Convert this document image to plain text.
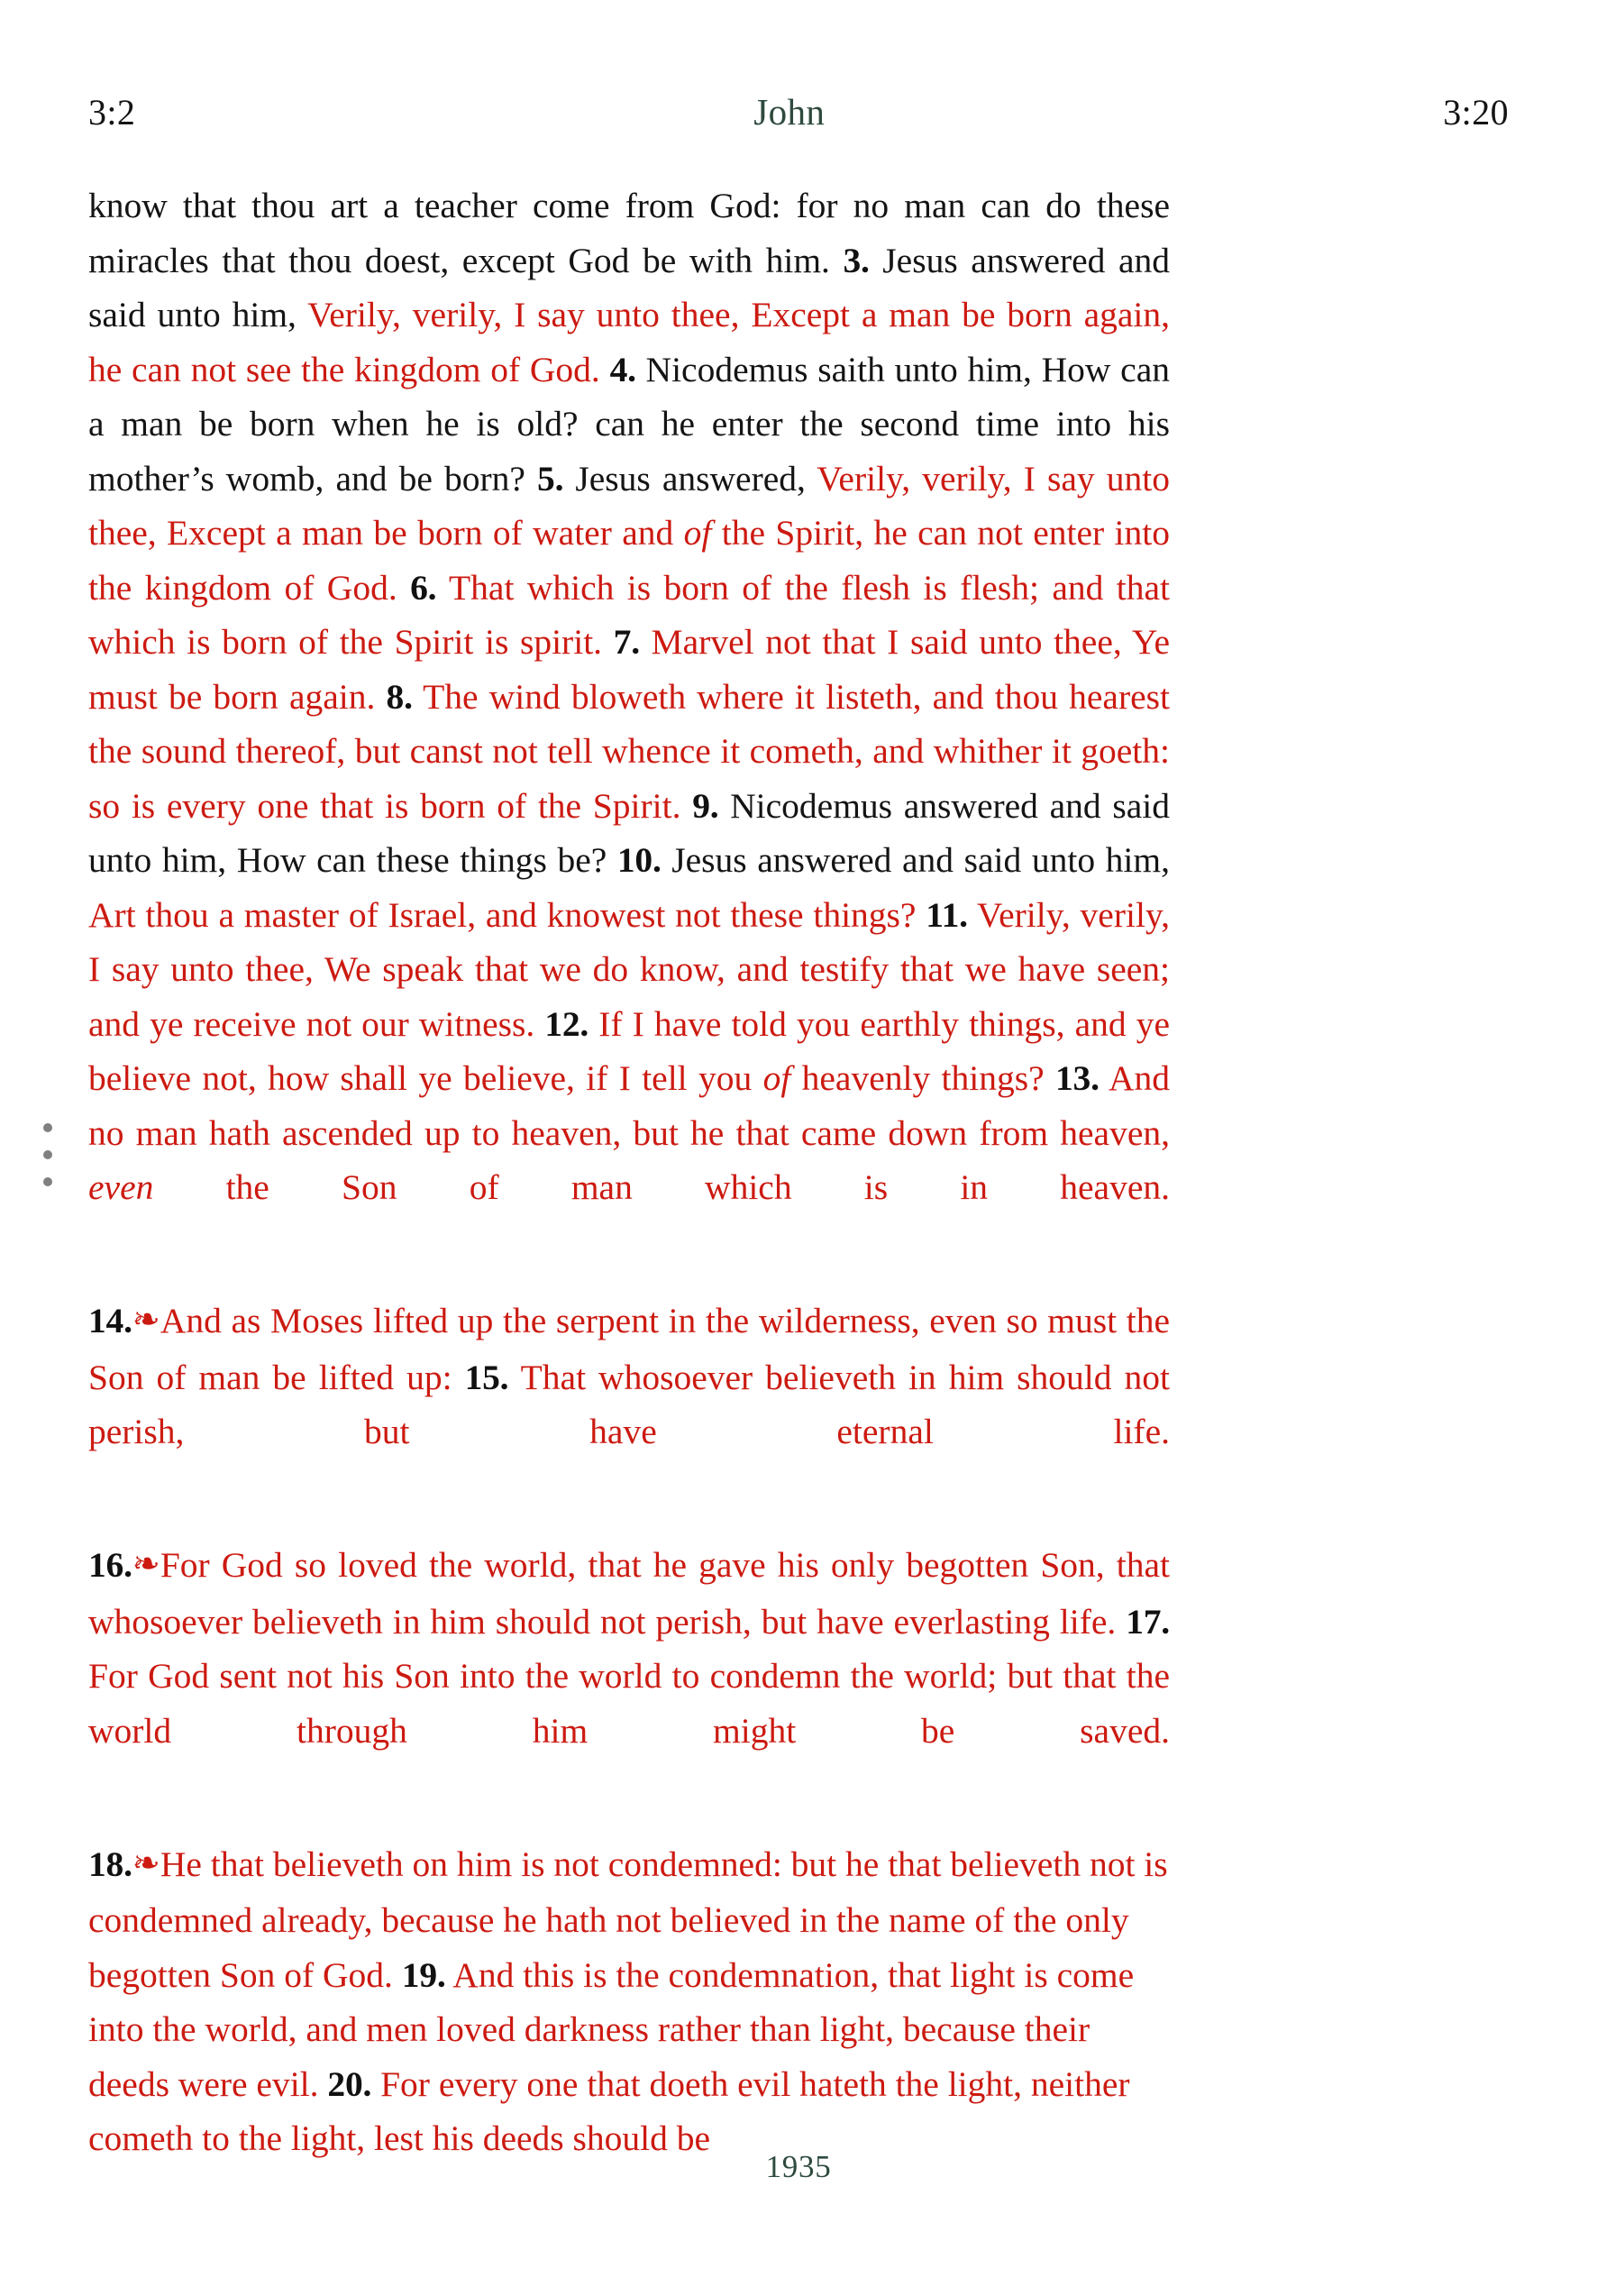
3:2	John	3:20

know that thou art a teacher come from God: for no man can do these miracles that thou doest, except God be with him. 3. Jesus answered and said unto him, Verily, verily, I say unto thee, Except a man be born again, he can not see the kingdom of God. 4. Nicodemus saith unto him, How can a man be born when he is old? can he enter the second time into his mother’s womb, and be born? 5. Jesus answered, Verily, verily, I say unto thee, Except a man be born of water and of the Spirit, he can not enter into the kingdom of God. 6. That which is born of the flesh is flesh; and that which is born of the Spirit is spirit. 7. Marvel not that I said unto thee, Ye must be born again. 8. The wind bloweth where it listeth, and thou hearest the sound thereof, but canst not tell whence it cometh, and whither it goeth: so is every one that is born of the Spirit. 9. Nicodemus answered and said unto him, How can these things be? 10. Jesus answered and said unto him, Art thou a master of Israel, and knowest not these things? 11. Verily, verily, I say unto thee, We speak that we do know, and testify that we have seen; and ye receive not our witness. 12. If I have told you earthly things, and ye believe not, how shall ye believe, if I tell you of heavenly things? 13. And no man hath ascended up to heaven, but he that came down from heaven, even the Son of man which is in heaven.

14.❧And as Moses lifted up the serpent in the wilderness, even so must the Son of man be lifted up: 15. That whosoever believeth in him should not perish, but have eternal life.

16.❧For God so loved the world, that he gave his only begotten Son, that whosoever believeth in him should not perish, but have everlasting life. 17. For God sent not his Son into the world to condemn the world; but that the world through him might be saved.

18.❧He that believeth on him is not condemned: but he that believeth not is condemned already, because he hath not believed in the name of the only begotten Son of God. 19. And this is the condemnation, that light is come into the world, and men loved darkness rather than light, because their deeds were evil. 20. For every one that doeth evil hateth the light, neither cometh to the light, lest his deeds should be

1935
